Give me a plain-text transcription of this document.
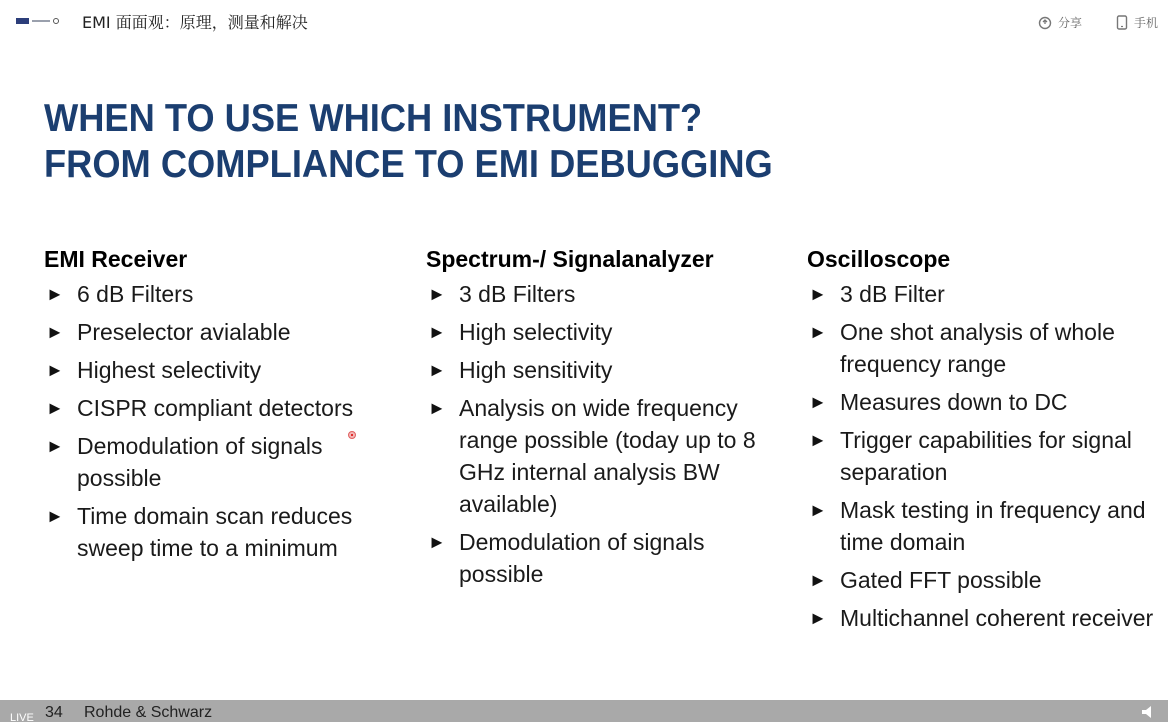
EMI 面面观：原理，测量和解决	分享	手机
WHEN TO USE WHICH INSTRUMENT?
FROM COMPLIANCE TO EMI DEBUGGING
EMI Receiver
► 6 dB Filters
► Preselector avialable
► Highest selectivity
► CISPR compliant detectors
► Demodulation of signals possible
► Time domain scan reduces sweep time to a minimum
Spectrum-/ Signalanalyzer
► 3 dB Filters
► High selectivity
► High sensitivity
► Analysis on wide frequency range possible (today up to 8 GHz internal analysis BW available)
► Demodulation of signals possible
Oscilloscope
► 3 dB Filter
► One shot analysis of whole frequency range
► Measures down to DC
► Trigger capabilities for signal separation
► Mask testing in frequency and time domain
► Gated FFT possible
► Multichannel coherent receiver
LIVE 34 Rohde & Schwarz
